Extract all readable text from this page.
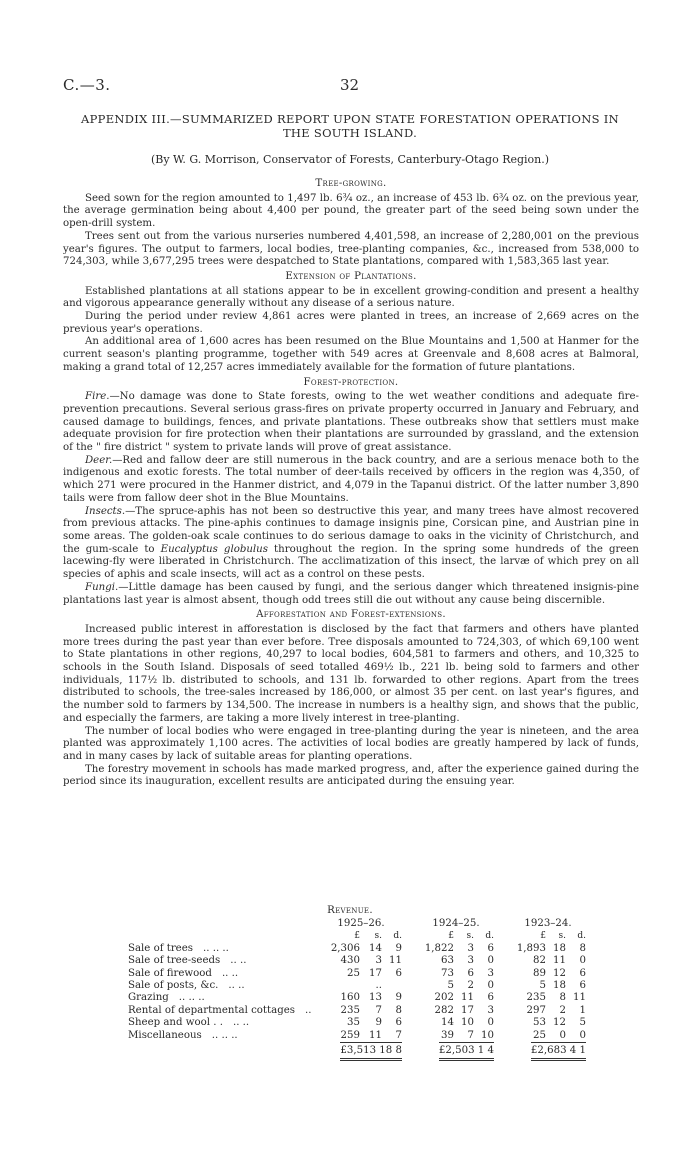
C.—3.	32
APPENDIX III.—SUMMARIZED REPORT UPON STATE FORESTATION OPERATIONS IN
THE SOUTH ISLAND.
(By W. G. Morrison, Conservator of Forests, Canterbury-Otago Region.)
Tree-growing.

Seed sown for the region amounted to 1,497 lb. 6¾ oz., an increase of 453 lb. 6¾ oz. on the previous year, the average germination being about 4,400 per pound, the greater part of the seed being sown under the open-drill system.

Trees sent out from the various nurseries numbered 4,401,598, an increase of 2,280,001 on the previous year's figures. The output to farmers, local bodies, tree-planting companies, &c., increased from 538,000 to 724,303, while 3,677,295 trees were despatched to State plantations, compared with 1,583,365 last year.

Extension of Plantations.

Established plantations at all stations appear to be in excellent growing-condition and present a healthy and vigorous appearance generally without any disease of a serious nature.

During the period under review 4,861 acres were planted in trees, an increase of 2,669 acres on the previous year's operations.

An additional area of 1,600 acres has been resumed on the Blue Mountains and 1,500 at Hanmer for the current season's planting programme, together with 549 acres at Greenvale and 8,608 acres at Balmoral, making a grand total of 12,257 acres immediately available for the formation of future plantations.

Forest-protection.

Fire.—No damage was done to State forests, owing to the wet weather conditions and adequate fire-prevention precautions. Several serious grass-fires on private property occurred in January and February, and caused damage to buildings, fences, and private plantations. These outbreaks show that settlers must make adequate provision for fire protection when their plantations are surrounded by grassland, and the extension of the " fire district " system to private lands will prove of great assistance.

Deer.—Red and fallow deer are still numerous in the back country, and are a serious menace both to the indigenous and exotic forests. The total number of deer-tails received by officers in the region was 4,350, of which 271 were procured in the Hanmer district, and 4,079 in the Tapanui district. Of the latter number 3,890 tails were from fallow deer shot in the Blue Mountains.

Insects.—The spruce-aphis has not been so destructive this year, and many trees have almost recovered from previous attacks. The pine-aphis continues to damage insignis pine, Corsican pine, and Austrian pine in some areas. The golden-oak scale continues to do serious damage to oaks in the vicinity of Christchurch, and the gum-scale to Eucalyptus globulus throughout the region. In the spring some hundreds of the green lacewing-fly were liberated in Christchurch. The acclimatization of this insect, the larvæ of which prey on all species of aphis and scale insects, will act as a control on these pests.

Fungi.—Little damage has been caused by fungi, and the serious danger which threatened insignis-pine plantations last year is almost absent, though odd trees still die out without any cause being discernible.

Afforestation and Forest-extensions.

Increased public interest in afforestation is disclosed by the fact that farmers and others have planted more trees during the past year than ever before. Tree disposals amounted to 724,303, of which 69,100 went to State plantations in other regions, 40,297 to local bodies, 604,581 to farmers and others, and 10,325 to schools in the South Island. Disposals of seed totalled 469½ lb., 221 lb. being sold to farmers and other individuals, 117½ lb. distributed to schools, and 131 lb. forwarded to other regions. Apart from the trees distributed to schools, the tree-sales increased by 186,000, or almost 35 per cent. on last year's figures, and the number sold to farmers by 134,500. The increase in numbers is a healthy sign, and shows that the public, and especially the farmers, are taking a more lively interest in tree-planting.

The number of local bodies who were engaged in tree-planting during the year is nineteen, and the area planted was approximately 1,100 acres. The activities of local bodies are greatly hampered by lack of funds, and in many cases by lack of suitable areas for planting operations.

The forestry movement in schools has made marked progress, and, after the experience gained during the period since its inauguration, excellent results are anticipated during the ensuing year.

Revenue.
	1925–26.				1924–25.				1923–24.		
	£	s.	d.		£	s.	d.		£	s.	d.
Sale of trees .. .. ..	2,306	14	9		1,822	3	6		1,893	18	8
Sale of tree-seeds .. ..	430	3	11		63	3	0		82	11	0
Sale of firewood .. ..	25	17	6		73	6	3		89	12	6
Sale of posts, &c. .. ..		..			5	2	0		5	18	6
Grazing .. .. ..	160	13	9		202	11	6		235	8	11
Rental of departmental cottages ..	235	7	8		282	17	3		297	2	1
Sheep and wool . . .. ..	35	9	6		14	10	0		53	12	5
Miscellaneous .. .. ..	259	11	7		39	7	10		25	0	0
	£3,513 18 8				£2,503 1 4				£2,683 4 1		
